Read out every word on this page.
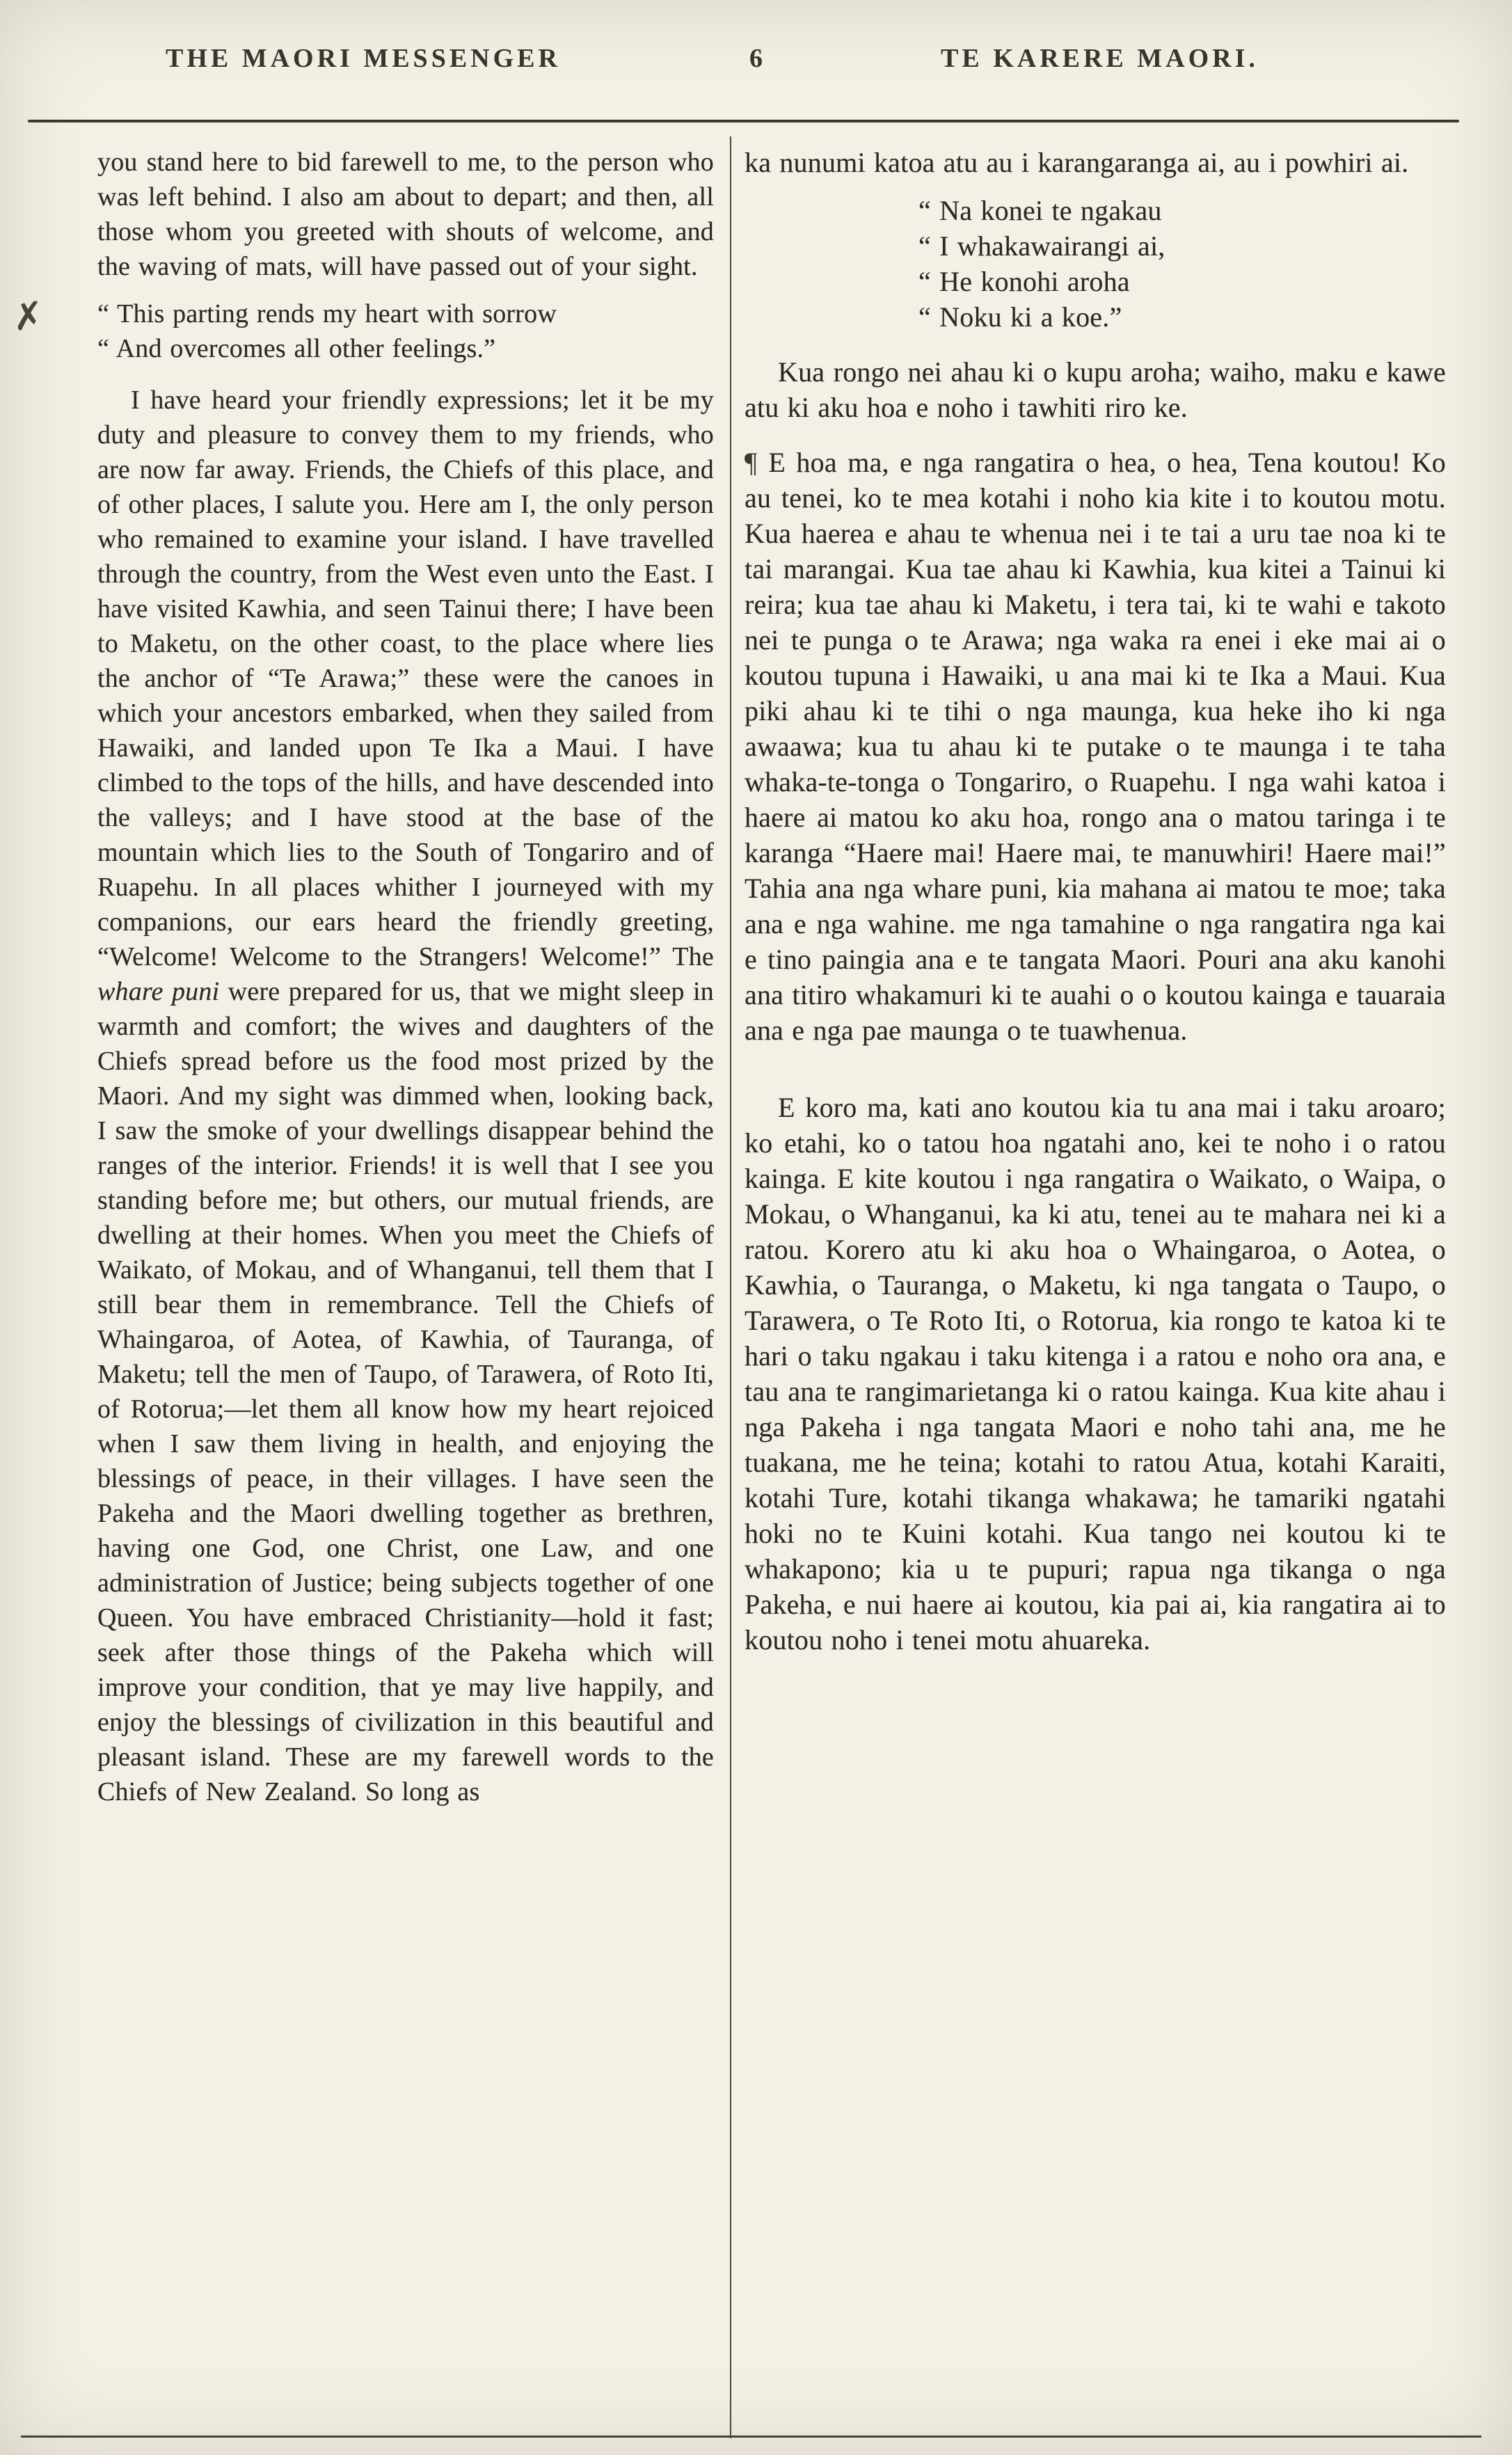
THE MAORI MESSENGER	6	TE KARERE MAORI.

you stand here to bid farewell to me, to the person who was left behind. I also am about to depart; and then, all those whom you greeted with shouts of welcome, and the waving of mats, will have passed out of your sight.

✗ “ This parting rends my heart with sorrow
“ And overcomes all other feelings.”

I have heard your friendly expressions; let it be my duty and pleasure to convey them to my friends, who are now far away. Friends, the Chiefs of this place, and of other places, I salute you. Here am I, the only person who remained to examine your island. I have travelled through the country, from the West even unto the East. I have visited Kawhia, and seen Tainui there; I have been to Maketu, on the other coast, to the place where lies the anchor of “Te Arawa;” these were the canoes in which your ancestors embarked, when they sailed from Hawaiki, and landed upon Te Ika a Maui. I have climbed to the tops of the hills, and have descended into the valleys; and I have stood at the base of the mountain which lies to the South of Tongariro and of Ruapehu. In all places whither I journeyed with my companions, our ears heard the friendly greeting, “Welcome! Welcome to the Strangers! Welcome!” The whare puni were prepared for us, that we might sleep in warmth and comfort; the wives and daughters of the Chiefs spread before us the food most prized by the Maori. And my sight was dimmed when, looking back, I saw the smoke of your dwellings disappear behind the ranges of the interior. Friends! it is well that I see you standing before me; but others, our mutual friends, are dwelling at their homes. When you meet the Chiefs of Waikato, of Mokau, and of Whanganui, tell them that I still bear them in remembrance. Tell the Chiefs of Whaingaroa, of Aotea, of Kawhia, of Tauranga, of Maketu; tell the men of Taupo, of Tarawera, of Roto Iti, of Rotorua;—let them all know how my heart rejoiced when I saw them living in health, and enjoying the blessings of peace, in their villages. I have seen the Pakeha and the Maori dwelling together as brethren, having one God, one Christ, one Law, and one administration of Justice; being subjects together of one Queen. You have embraced Christianity—hold it fast; seek after those things of the Pakeha which will improve your condition, that ye may live happily, and enjoy the blessings of civilization in this beautiful and pleasant island. These are my farewell words to the Chiefs of New Zealand. So long as

ka nunumi katoa atu au i karangaranga ai, au i powhiri ai.

“ Na konei te ngakau
“ I whakawairangi ai,
“ He konohi aroha
“ Noku ki a koe.”

Kua rongo nei ahau ki o kupu aroha; waiho, maku e kawe atu ki aku hoa e noho i tawhiti riro ke.

¶ E hoa ma, e nga rangatira o hea, o hea, Tena koutou! Ko au tenei, ko te mea kotahi i noho kia kite i to koutou motu. Kua haerea e ahau te whenua nei i te tai a uru tae noa ki te tai marangai. Kua tae ahau ki Kawhia, kua kitei a Tainui ki reira; kua tae ahau ki Maketu, i tera tai, ki te wahi e takoto nei te punga o te Arawa; nga waka ra enei i eke mai ai o koutou tupuna i Hawaiki, u ana mai ki te Ika a Maui. Kua piki ahau ki te tihi o nga maunga, kua heke iho ki nga awaawa; kua tu ahau ki te putake o te maunga i te taha whaka-te-tonga o Tongariro, o Ruapehu. I nga wahi katoa i haere ai matou ko aku hoa, rongo ana o matou taringa i te karanga “Haere mai! Haere mai, te manuwhiri! Haere mai!” Tahia ana nga whare puni, kia mahana ai matou te moe; taka ana e nga wahine. me nga tamahine o nga rangatira nga kai e tino paingia ana e te tangata Maori. Pouri ana aku kanohi ana titiro whakamuri ki te auahi o o koutou kainga e tauaraia ana e nga pae maunga o te tuawhenua.

E koro ma, kati ano koutou kia tu ana mai i taku aroaro; ko etahi, ko o tatou hoa ngatahi ano, kei te noho i o ratou kainga. E kite koutou i nga rangatira o Waikato, o Waipa, o Mokau, o Whanganui, ka ki atu, tenei au te mahara nei ki a ratou. Korero atu ki aku hoa o Whaingaroa, o Aotea, o Kawhia, o Tauranga, o Maketu, ki nga tangata o Taupo, o Tarawera, o Te Roto Iti, o Rotorua, kia rongo te katoa ki te hari o taku ngakau i taku kitenga i a ratou e noho ora ana, e tau ana te rangimarietanga ki o ratou kainga. Kua kite ahau i nga Pakeha i nga tangata Maori e noho tahi ana, me he tuakana, me he teina; kotahi to ratou Atua, kotahi Karaiti, kotahi Ture, kotahi tikanga whakawa; he tamariki ngatahi hoki no te Kuini kotahi. Kua tango nei koutou ki te whakapono; kia u te pupuri; rapua nga tikanga o nga Pakeha, e nui haere ai koutou, kia pai ai, kia rangatira ai to koutou noho i tenei motu ahuareka.
